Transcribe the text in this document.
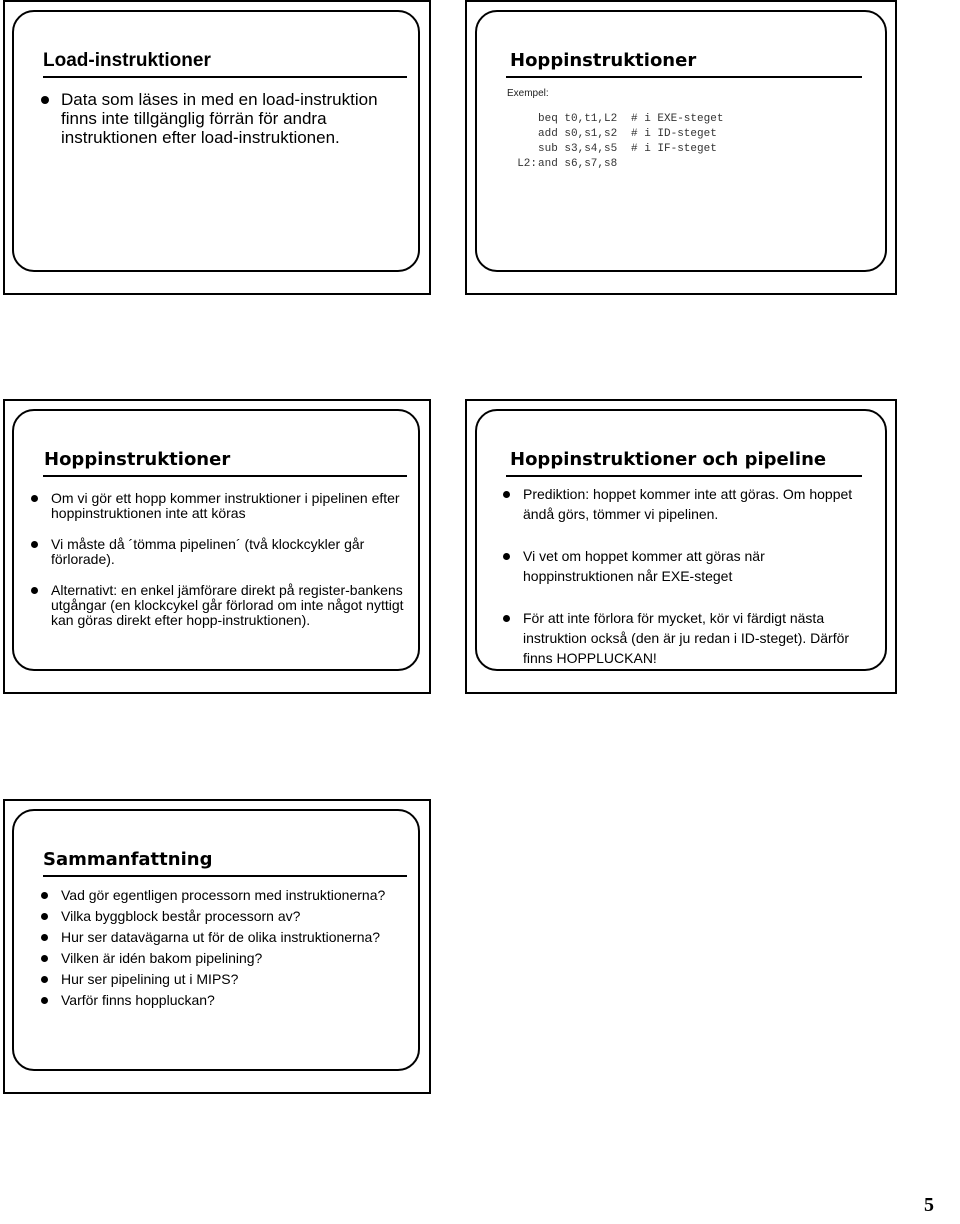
Load-instruktioner
Data som läses in med en load-instruktion finns inte tillgänglig förrän för andra instruktionen efter load-instruktionen.
Hoppinstruktioner
Exempel:

L2:
beq t0,t1,L2
add s0,s1,s2
sub s3,s4,s5
and s6,s7,s8
# i EXE-steget
# i ID-steget
# i IF-steget
Hoppinstruktioner
Om vi gör ett hopp kommer instruktioner i pipelinen efter hoppinstruktionen inte att köras
Vi måste då ´tömma pipelinen´ (två klockcykler går förlorade).
Alternativt: en enkel jämförare direkt på register-bankens utgångar (en klockcykel går förlorad om inte något nyttigt kan göras direkt efter hopp-instruktionen).
Hoppinstruktioner och pipeline
Prediktion: hoppet kommer inte att göras. Om hoppet ändå görs, tömmer vi pipelinen.
Vi vet om hoppet kommer att göras när hoppinstruktionen når EXE-steget
För att inte förlora för mycket, kör vi färdigt nästa instruktion också (den är ju redan i ID-steget). Därför finns HOPPLUCKAN!
Sammanfattning
Vad gör egentligen processorn med instruktionerna?
Vilka byggblock består processorn av?
Hur ser datavägarna ut för de olika instruktionerna?
Vilken är idén bakom pipelining?
Hur ser pipelining ut i MIPS?
Varför finns hoppluckan?
5
